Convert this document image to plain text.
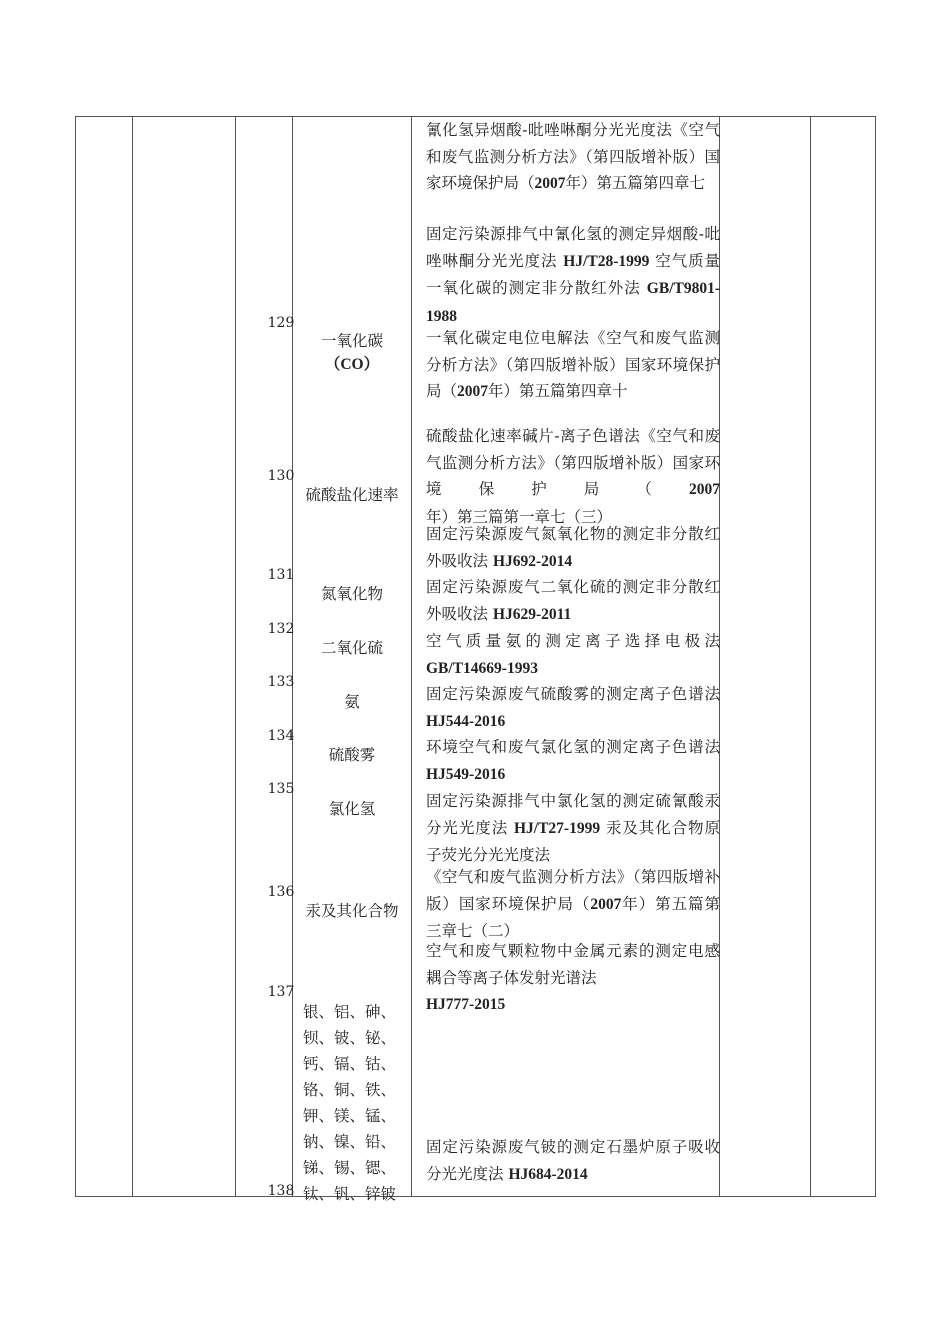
129
130
131
132
133
134
135
136
137
138
一氧化碳
（CO）
硫酸盐化速率
氮氧化物
二氧化硫
氨
硫酸雾
氯化氢
汞及其化合物
银、铝、砷、
钡、铍、铋、
钙、镉、钴、
铬、铜、铁、
钾、镁、锰、
钠、镍、铅、
锑、锡、锶、
钛、钒、锌铍
氰化氢异烟酸-吡唑啉酮分光光度法《空气和废气监测分析方法》（第四版增补版）国家环境保护局（2007年）第五篇第四章七
固定污染源排气中氰化氢的测定异烟酸-吡唑啉酮分光光度法 HJ/T28-1999 空气质量一氧化碳的测定非分散红外法 GB/T9801-1988
一氧化碳定电位电解法《空气和废气监测分析方法》（第四版增补版）国家环境保护局（2007年）第五篇第四章十
硫酸盐化速率碱片-离子色谱法《空气和废气监测分析方法》（第四版增补版）国家环境保护局（2007年）第三篇第一章七（三）
固定污染源废气氮氧化物的测定非分散红外吸收法 HJ692-2014
固定污染源废气二氧化硫的测定非分散红外吸收法 HJ629-2011
空气质量氨的测定离子选择电极法 GB/T14669-1993
固定污染源废气硫酸雾的测定离子色谱法 HJ544-2016
环境空气和废气氯化氢的测定离子色谱法 HJ549-2016
固定污染源排气中氯化氢的测定硫氰酸汞分光光度法 HJ/T27-1999 汞及其化合物原子荧光分光光度法
《空气和废气监测分析方法》（第四版增补版）国家环境保护局（2007年）第五篇第三章七（二）
空气和废气颗粒物中金属元素的测定电感耦合等离子体发射光谱法
HJ777-2015
固定污染源废气铍的测定石墨炉原子吸收分光光度法 HJ684-2014
